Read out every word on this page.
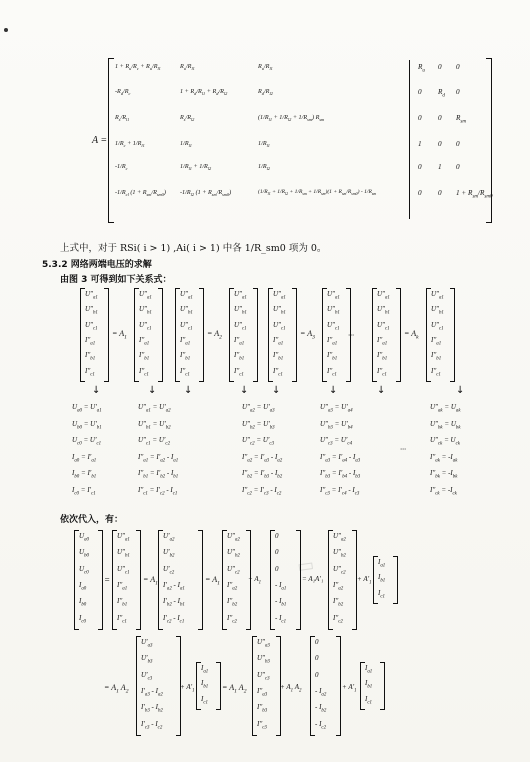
A =
$1 + R_u/R_c + R_u/R_{l1}$	$R_u/R_{l1}$	$R_u/R_{l1}$	$R_u$ 0 0
$-R_d/R_c$	$1 + R_d/R_{l1} + R_d/R_{l2}$	$R_d/R_{l2}$	0 $R_d$ 0
$R_s/R_{l1}$	$R_s/R_{l2}$	$(1/R_{l1} + 1/R_{l2} + 1/R_{sm})$ $R_{sm}$	0 0 $R_{sm}$
$1/R_c + 1/R_{l1}$	$1/R_{l1}$	$1/R_{l1}$	1 0 0
$-1/R_c$	$1/R_{l1} + 1/R_{l2}$	$1/R_{l2}$	0 1 0
$-1/R_{cl}$ $(1 + R_{sm}/R_{sm0})$ $-1/R_{l2}$ $(1 + R_{sm}/R_{sm0})$	$(1/R_{l1} + 1/R_{l2} + 1/R_{sm} + 1/R_{sm})(1 + R_{sm}/R_{sm0}) - 1/R_{sm}$	0 0 $1 + R_{sm}/R_{sm0}$
上式中，对于 RSi( i > 1) ,Ai( i > 1) 中各 1/R_sm0 项为 0。
5.3.2 网络两端电压的求解
由图 3 可得到如下关系式：
$U''_{a1}$
$U''_{b1}$
$U''_{c1}$
$I''_{a1}$
$I''_{b1}$
$I''_{c1}$
= $A_1$
$U''_{a1}$
$U''_{b1}$
$U''_{c1}$
$I''_{a1}$
$I''_{b1}$
$I''_{c1}$
$U''_{a1}$
$U''_{b1}$
$U''_{c1}$
$I''_{a1}$
$I''_{b1}$
$I''_{c1}$
= $A_2$
$U''_{a1}$
$U''_{b1}$
$U''_{c1}$
$I''_{a1}$
$I''_{b1}$
$I''_{c1}$
$U''_{a1}$
$U''_{b1}$
$U''_{c1}$
$I''_{a1}$
$I''_{b1}$
$I''_{c1}$
= $A_3$
$U''_{a1}$
$U''_{b1}$
$U''_{c1}$
$I''_{a1}$
$I''_{b1}$
$I''_{c1}$
$U''_{a1}$
$U''_{b1}$
$U''_{c1}$
$I''_{a1}$
$I''_{b1}$
$I''_{c1}$
= $A_k$
$U''_{a1}$
$U''_{b1}$
$U''_{c1}$
$I''_{a1}$
$I''_{b1}$
$I''_{c1}$
···
↓	↓	↓	↓ ↓	↓	↓	↓
$U_{a0} = U'_{a1}$
$U_{b0} = U'_{b1}$
$U_{c0} = U'_{c1}$
$I_{a0} = I'_{a1}$
$I_{b0} = I'_{b1}$
$I_{c0} = I'_{c1}$
$U''_{a1} = U'_{a2}$
$U''_{b1} = U'_{b2}$
$U''_{c1} = U'_{c2}$
$I''_{a1} = I'_{a2} - I_{a1}$
$I''_{b1} = I'_{b2} - I_{b1}$
$I''_{c1} = I'_{c2} - I_{c1}$
$U''_{a2} = U'_{a3}$
$U''_{b2} = U'_{b3}$
$U''_{c2} = U'_{c3}$
$I''_{a2} = I'_{a3} - I_{a2}$
$I''_{b2} = I'_{b3} - I_{b2}$
$I''_{c2} = I'_{c3} - I_{c2}$
$U''_{a3} = U'_{a4}$
$U''_{b3} = U'_{b4}$
$U''_{c3} = U'_{c4}$
$I''_{a3} = I'_{a4} - I_{a3}$
$I''_{b3} = I'_{b4} - I_{b3}$
$I''_{c3} = I'_{c4} - I_{c3}$
$U''_{ak} = U_{ak}$
$U''_{bk} = U_{bk}$
$U''_{ck} = U_{ck}$
$I''_{ak} = -I_{ak}$
$I''_{bk} = -I_{bk}$
$I''_{ck} = -I_{ck}$
···
依次代入，有：
▭
$U_{a0}$
$U_{b0}$
$U_{c0}$
$I_{a0}$
$I_{b0}$
$I_{c0}$
=
$U''_{a1}$
$U''_{b1}$
$U''_{c1}$
$I''_{a1}$
$I''_{b1}$
$I''_{c1}$
= $A_1$
$U'_{a2}$
$U'_{b2}$
$U'_{c2}$
$I'_{a2} - I_{a1}$
$I'_{b2} - I_{b1}$
$I'_{c2} - I_{c1}$
= $A_1$
$U''_{a2}$
$U''_{b2}$
$U''_{c2}$
$I''_{a2}$
$I''_{b2}$
$I''_{c2}$
+ $A_1$
0
0
0
- $I_{a1}$
- $I_{b1}$
- $I_{c1}$
= A₁A′₁
$U''_{a2}$
$U''_{b2}$
$U''_{c2}$
$I''_{a2}$
$I''_{b2}$
$I''_{c2}$
+ $A'_1$
$I_{a1}$
$I_{b1}$
$I_{c1}$
= $A_1$ $A_2$
$U'_{a3}$
$U'_{b3}$
$U'_{c3}$
$I'_{a3} - I_{a2}$
$I'_{b3} - I_{b2}$
$I'_{c3} - I_{c2}$
+ $A'_1$
$I_{a1}$
$I_{b1}$
$I_{c1}$
= $A_1$ $A_2$
$U''_{a3}$
$U''_{b3}$
$U''_{c3}$
$I''_{a3}$
$I''_{b3}$
$I''_{c3}$
+ $A_1$ $A_2$
0
0
0
- $I_{a2}$
- $I_{b2}$
- $I_{c2}$
+ $A'_1$
$I_{a1}$
$I_{b1}$
$I_{c1}$
